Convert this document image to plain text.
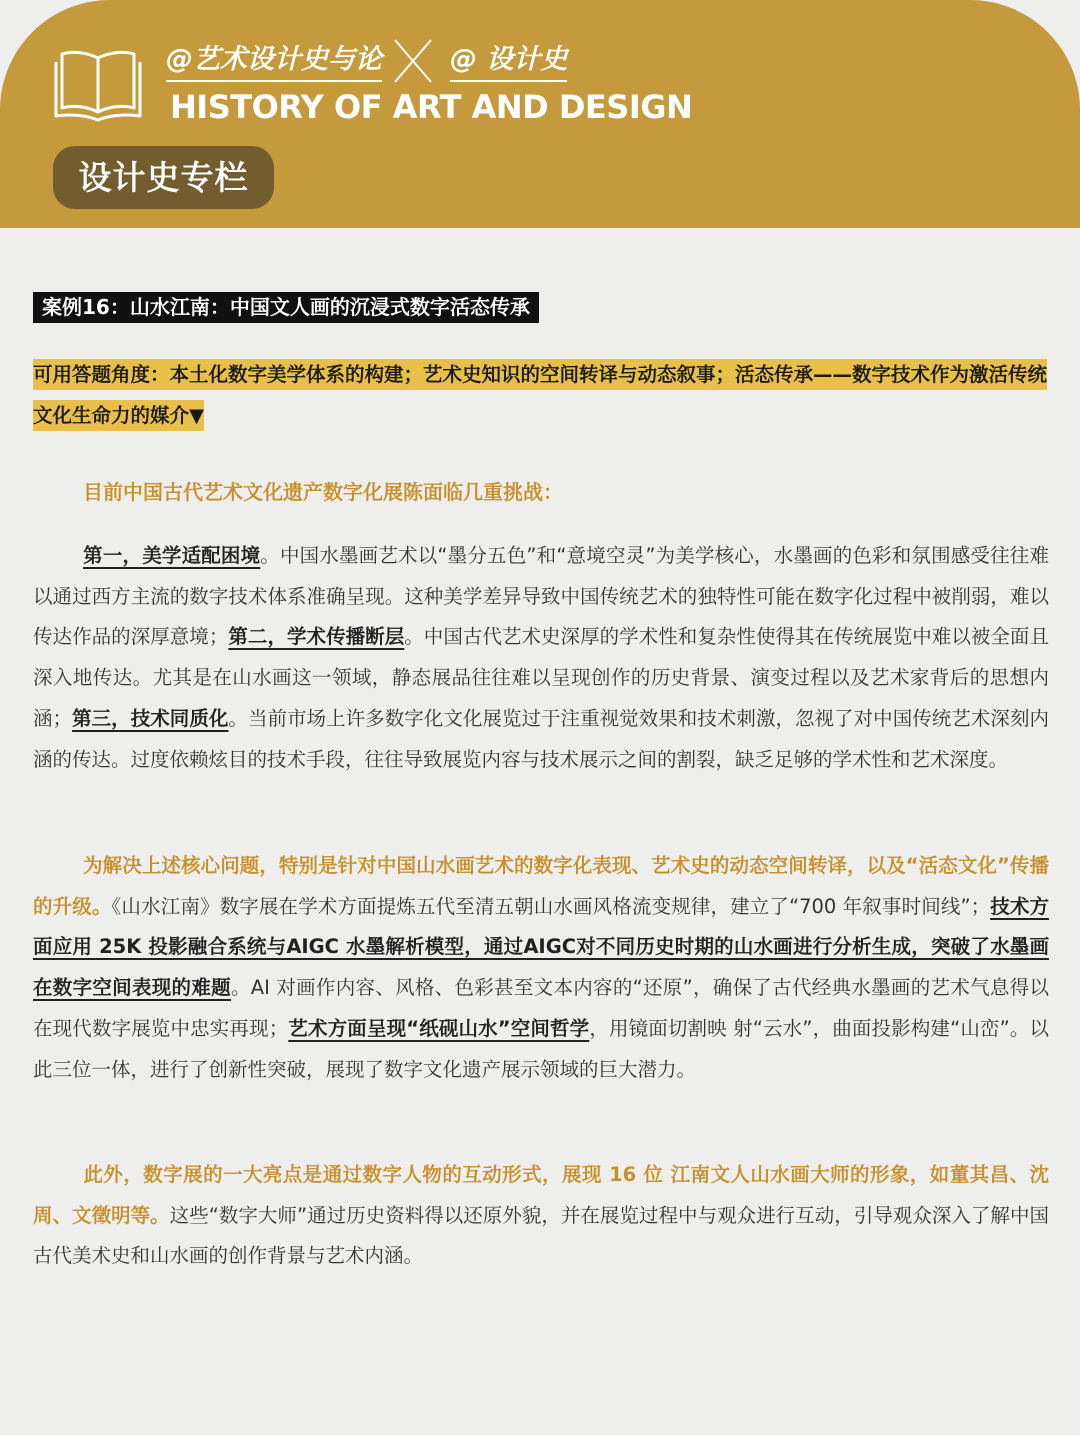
@艺术设计史与论	@ 设计史
HISTORY OF ART AND DESIGN
设计史专栏
案例16：山水江南：中国文人画的沉浸式数字活态传承
可用答题角度：本土化数字美学体系的构建；艺术史知识的空间转译与动态叙事；活态传承——数字技术作为激活传统文化生命力的媒介▼
目前中国古代艺术文化遗产数字化展陈面临几重挑战：
第一，美学适配困境。中国水墨画艺术以“墨分五色”和“意境空灵”为美学核心，水墨画的色彩和氛围感受往往难以通过西方主流的数字技术体系准确呈现。这种美学差异导致中国传统艺术的独特性可能在数字化过程中被削弱，难以传达作品的深厚意境；第二，学术传播断层。中国古代艺术史深厚的学术性和复杂性使得其在传统展览中难以被全面且深入地传达。尤其是在山水画这一领域，静态展品往往难以呈现创作的历史背景、演变过程以及艺术家背后的思想内涵；第三，技术同质化。当前市场上许多数字化文化展览过于注重视觉效果和技术刺激，忽视了对中国传统艺术深刻内涵的传达。过度依赖炫目的技术手段，往往导致展览内容与技术展示之间的割裂，缺乏足够的学术性和艺术深度。
为解决上述核心问题，特别是针对中国山水画艺术的数字化表现、艺术史的动态空间转译，以及“活态文化”传播的升级。《山水江南》数字展在学术方面提炼五代至清五朝山水画风格流变规律，建立了“700 年叙事时间线”；技术方面应用 25K 投影融合系统与AIGC 水墨解析模型，通过AIGC对不同历史时期的山水画进行分析生成，突破了水墨画在数字空间表现的难题。AI 对画作内容、风格、色彩甚至文本内容的“还原”，确保了古代经典水墨画的艺术气息得以在现代数字展览中忠实再现；艺术方面呈现“纸砚山水”空间哲学，用镜面切割映 射“云水”，曲面投影构建“山峦”。以此三位一体，进行了创新性突破，展现了数字文化遗产展示领域的巨大潜力。
此外，数字展的一大亮点是通过数字人物的互动形式，展现 16 位 江南文人山水画大师的形象，如董其昌、沈周、文徵明等。这些“数字大师”通过历史资料得以还原外貌，并在展览过程中与观众进行互动，引导观众深入了解中国古代美术史和山水画的创作背景与艺术内涵。
